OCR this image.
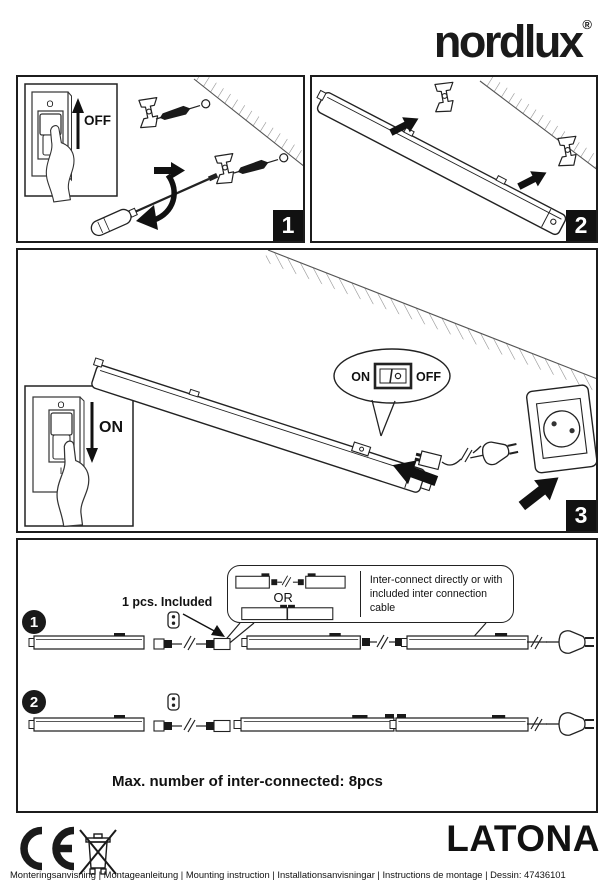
nordlux®
O
OFF
1	2
O
I
ON
ON	OFF
3
OR
Inter-connect directly or with
included inter connection cable
1 pcs. Included
1
2
Max. number of inter-connected: 8pcs
LATONA
Monteringsanvisning | Montageanleitung | Mounting instruction | Installationsanvisningar | Instructions de montage | Dessin: 47436101
